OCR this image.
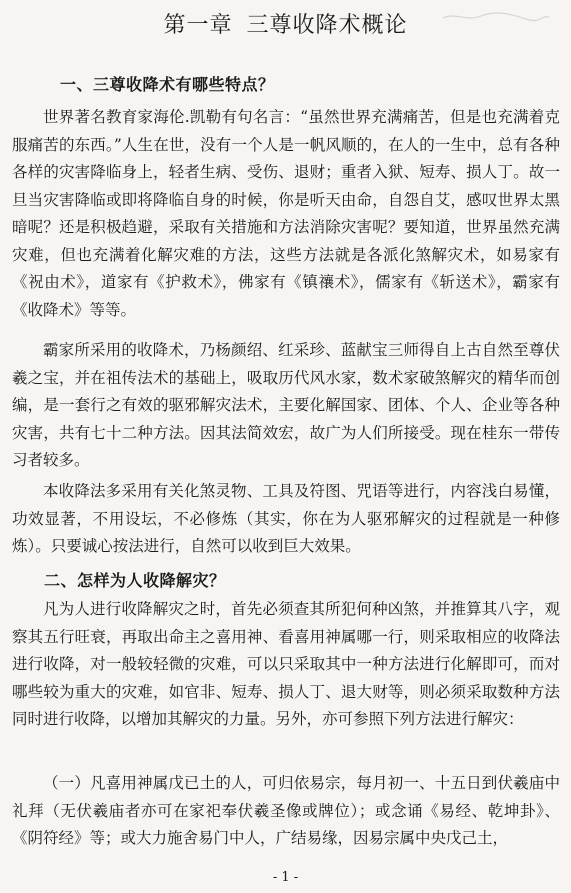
第一章 三尊收降术概论
一、三尊收降术有哪些特点？

世界著名教育家海伦.凯勒有句名言：“虽然世界充满痛苦，但是也充满着克服痛苦的东西。”人生在世，没有一个人是一帆风顺的，在人的一生中，总有各种各样的灾害降临身上，轻者生病、受伤、退财；重者入狱、短寿、损人丁。故一旦当灾害降临或即将降临自身的时候，你是听天由命，自怨自艾，感叹世界太黑暗呢？还是积极趋避，采取有关措施和方法消除灾害呢？要知道，世界虽然充满灾难，但也充满着化解灾难的方法，这些方法就是各派化煞解灾术，如易家有《祝由术》，道家有《护救术》，佛家有《镇禳术》，儒家有《斩送术》，霸家有《收降术》等等。

霸家所采用的收降术，乃杨颜绍、红采珍、蓝献宝三师得自上古自然至尊伏羲之宝，并在祖传法术的基础上，吸取历代风水家，数术家破煞解灾的精华而创编，是一套行之有效的驱邪解灾法术，主要化解国家、团体、个人、企业等各种灾害，共有七十二种方法。因其法简效宏，故广为人们所接受。现在桂东一带传习者较多。

本收降法多采用有关化煞灵物、工具及符图、咒语等进行，内容浅白易懂，功效显著，不用设坛，不必修炼（其实，你在为人驱邪解灾的过程就是一种修炼）。只要诚心按法进行，自然可以收到巨大效果。

二、怎样为人收降解灾？

凡为人进行收降解灾之时，首先必须查其所犯何种凶煞，并推算其八字，观察其五行旺衰，再取出命主之喜用神、看喜用神属哪一行，则采取相应的收降法进行收降，对一般较轻微的灾难，可以只采取其中一种方法进行化解即可，而对哪些较为重大的灾难，如官非、短寿、损人丁、退大财等，则必须采取数种方法同时进行收降，以增加其解灾的力量。另外，亦可参照下列方法进行解灾：

（一）凡喜用神属戊已土的人，可归依易宗，每月初一、十五日到伏羲庙中礼拜（无伏羲庙者亦可在家祀奉伏羲圣像或牌位）；或念诵《易经、乾坤卦》、《阴符经》等；或大力施舍易门中人，广结易缘，因易宗属中央戊己土，

- 1 -
